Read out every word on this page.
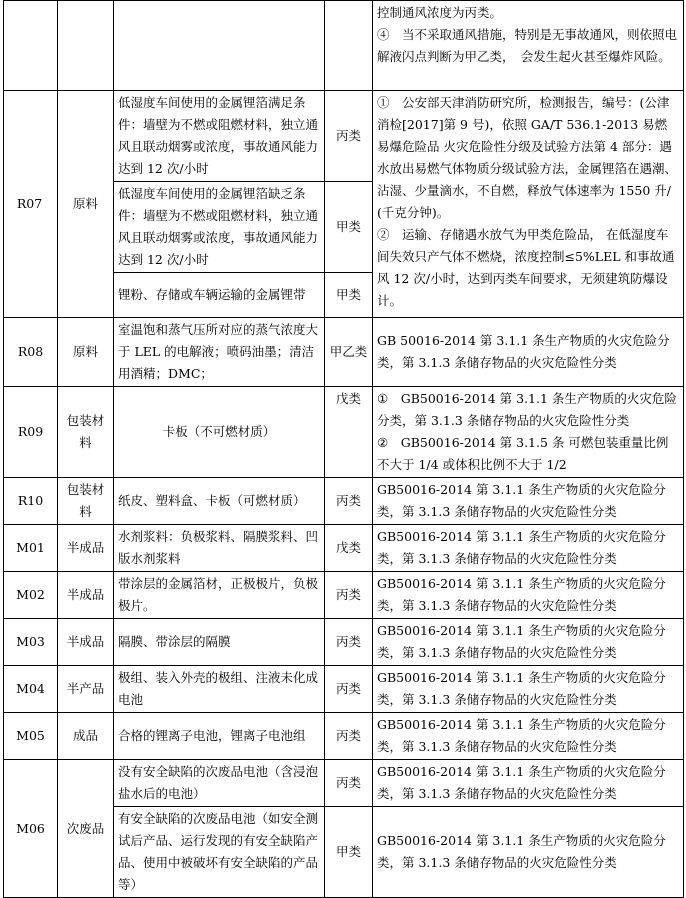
				控制通风浓度为丙类。

④　当不采取通风措施，特别是无事故通风，则依照电解液闪点判断为甲乙类，　会发生起火甚至爆炸风险。

R07	原料	低湿度车间使用的金属锂箔满足条件：墙壁为不燃或阻燃材料，独立通风且联动烟雾或浓度，事故通风能力达到 12 次/小时	丙类	①　公安部天津消防研究所，检测报告，编号：(公津消检[2017]第 9 号)，依照 GA/T 536.1-2013 易燃易爆危险品 火灾危险性分级及试验方法第 4 部分：遇水放出易燃气体物质分级试验方法，金属锂箔在遇潮、沾湿、少量滴水，不自燃，释放气体速率为 1550 升/(千克分钟)。

②　运输、存储遇水放气为甲类危险品， 在低湿度车间失效只产气体不燃烧，浓度控制≤5%LEL 和事故通风 12 次/小时，达到丙类车间要求，无须建筑防爆设计。

		低湿度车间使用的金属锂箔缺乏条件：墙壁为不燃或阻燃材料，独立通风且联动烟雾或浓度，事故通风能力达到 12 次/小时	甲类	
		锂粉、存储或车辆运输的金属锂带	甲类	
R08	原料	室温饱和蒸气压所对应的蒸气浓度大于 LEL 的电解液；喷码油墨；清洁用酒精；DMC；	甲乙类	GB 50016-2014 第 3.1.1 条生产物质的火灾危险分类，第 3.1.3 条储存物品的火灾危险性分类
R09	包装材料	卡板（不可燃材质）	戊类	①　GB50016-2014 第 3.1.1 条生产物质的火灾危险分类，第 3.1.3 条储存物品的火灾危险性分类

②　GB50016-2014 第 3.1.5 条 可燃包装重量比例不大于 1/4 或体积比例不大于 1/2

R10	包装材料	纸皮、塑料盒、卡板（可燃材质）	丙类	GB50016-2014 第 3.1.1 条生产物质的火灾危险分类，第 3.1.3 条储存物品的火灾危险性分类
M01	半成品	水剂浆料：负极浆料、隔膜浆料、凹版水剂浆料	戊类	GB50016-2014 第 3.1.1 条生产物质的火灾危险分类，第 3.1.3 条储存物品的火灾危险性分类
M02	半成品	带涂层的金属箔材，正极极片，负极极片。	丙类	GB50016-2014 第 3.1.1 条生产物质的火灾危险分类，第 3.1.3 条储存物品的火灾危险性分类
M03	半成品	隔膜、带涂层的隔膜	丙类	GB50016-2014 第 3.1.1 条生产物质的火灾危险分类，第 3.1.3 条储存物品的火灾危险性分类
M04	半产品	极组、装入外壳的极组、注液未化成电池	丙类	GB50016-2014 第 3.1.1 条生产物质的火灾危险分类，第 3.1.3 条储存物品的火灾危险性分类
M05	成品	合格的锂离子电池，锂离子电池组	丙类	GB50016-2014 第 3.1.1 条生产物质的火灾危险分类，第 3.1.3 条储存物品的火灾危险性分类
M06	次废品	没有安全缺陷的次废品电池（含浸泡盐水后的电池）	丙类	GB50016-2014 第 3.1.1 条生产物质的火灾危险分类，第 3.1.3 条储存物品的火灾危险性分类
		有安全缺陷的次废品电池（如安全测试后产品、运行发现的有安全缺陷产品、使用中被破坏有安全缺陷的产品等）	甲类	GB50016-2014 第 3.1.1 条生产物质的火灾危险分类，第 3.1.3 条储存物品的火灾危险性分类
